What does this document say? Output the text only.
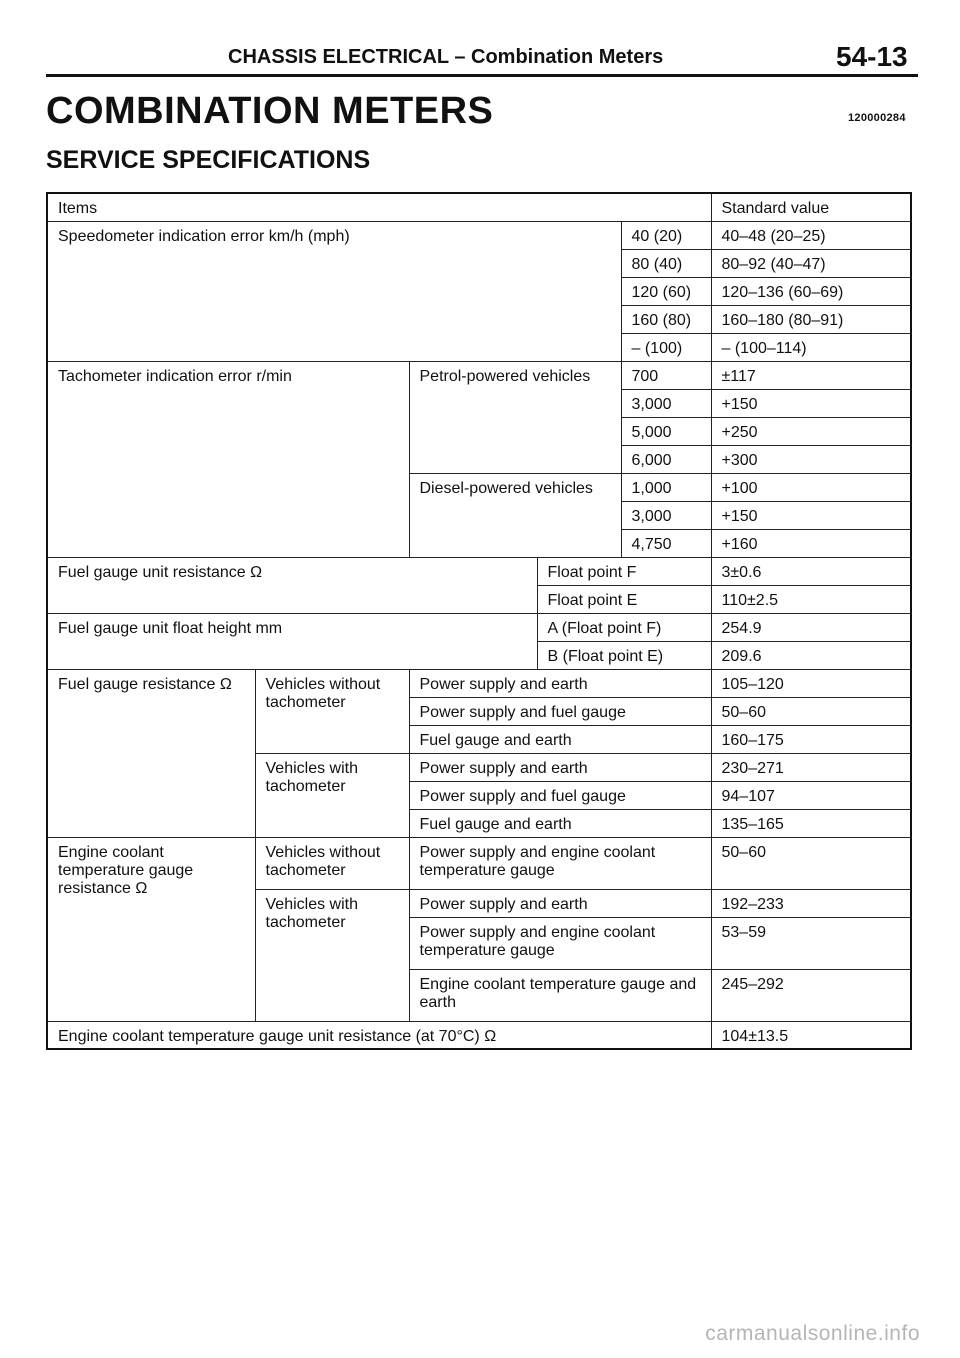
CHASSIS ELECTRICAL – Combination Meters	54-13
COMBINATION METERS	120000284
SERVICE SPECIFICATIONS
Items					Standard value
Speedometer indication error km/h (mph)				40 (20)	40–48 (20–25)
				80 (40)	80–92 (40–47)
				120 (60)	120–136 (60–69)
				160 (80)	160–180 (80–91)
				– (100)	– (100–114)
Tachometer indication error r/min		Petrol-powered vehicles		700	±117
				3,000	+150
				5,000	+250
				6,000	+300
		Diesel-powered vehicles		1,000	+100
				3,000	+150
				4,750	+160
Fuel gauge unit resistance Ω			Float point F		3±0.6
			Float point E		110±2.5
Fuel gauge unit float height mm			A (Float point F)		254.9
			B (Float point E)		209.6
Fuel gauge resistance Ω	Vehicles without tachometer	Power supply and earth			105–120
		Power supply and fuel gauge			50–60
		Fuel gauge and earth			160–175
	Vehicles with tachometer	Power supply and earth			230–271
		Power supply and fuel gauge			94–107
		Fuel gauge and earth			135–165
Engine coolant temperature gauge resistance Ω	Vehicles without tachometer	Power supply and engine coolant temperature gauge			50–60
	Vehicles with tachometer	Power supply and earth			192–233
		Power supply and engine coolant temperature gauge			53–59
		Engine coolant temperature gauge and earth			245–292
Engine coolant temperature gauge unit resistance (at 70°C) Ω					104±13.5
carmanualsonline.info
